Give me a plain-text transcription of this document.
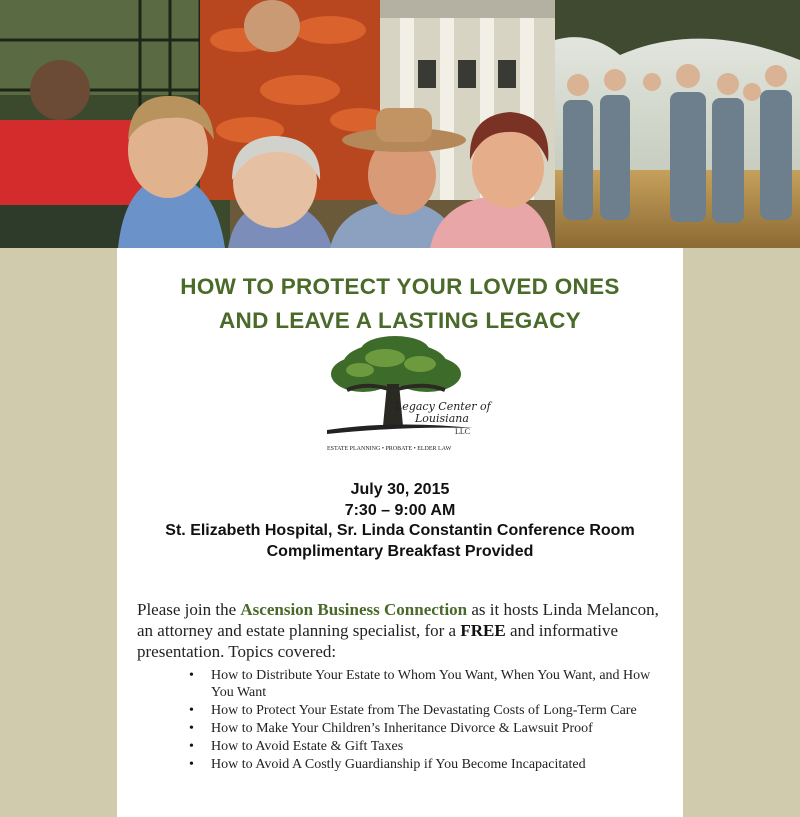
HOW TO PROTECT YOUR LOVED ONES
AND LEAVE A LASTING LEGACY
Legacy Center of
Louisiana
LLC
ESTATE PLANNING • PROBATE • ELDER LAW
July 30, 2015
7:30 – 9:00 AM
St. Elizabeth Hospital, Sr. Linda Constantin Conference Room
Complimentary Breakfast Provided

Please join the Ascension Business Connection as it hosts Linda Melancon, an attorney and estate planning specialist, for a FREE and informative presentation. Topics covered:

• How to Distribute Your Estate to Whom You Want, When You Want, and How You Want
• How to Protect Your Estate from The Devastating Costs of Long-Term Care
• How to Make Your Children’s Inheritance Divorce & Lawsuit Proof
• How to Avoid Estate & Gift Taxes
• How to Avoid A Costly Guardianship if You Become Incapacitated
